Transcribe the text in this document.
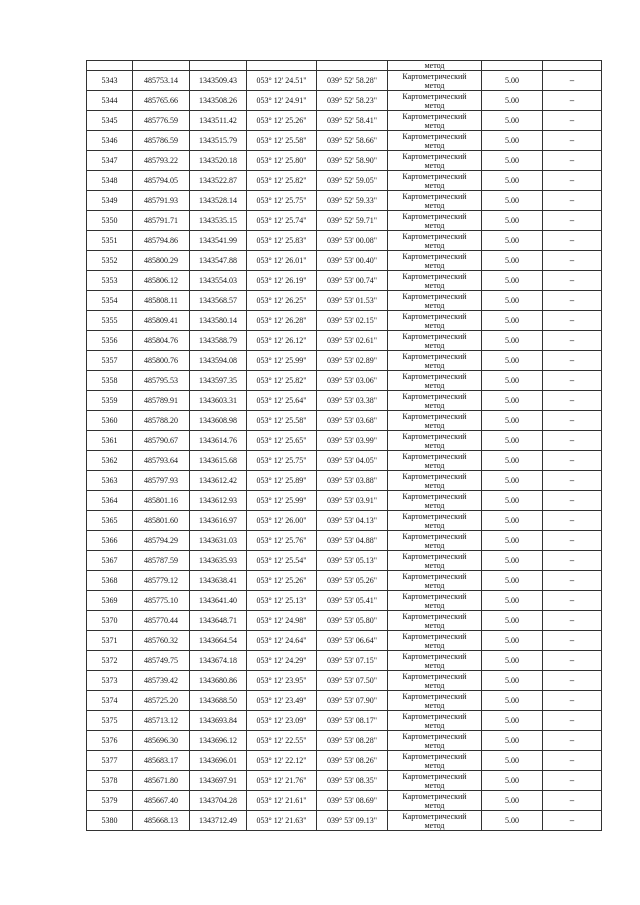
					метод		
5343	485753.14	1343509.43	053° 12' 24.51"	039° 52' 58.28"	Картометрический
метод	5.00	–
5344	485765.66	1343508.26	053° 12' 24.91"	039° 52' 58.23"	Картометрический
метод	5.00	–
5345	485776.59	1343511.42	053° 12' 25.26"	039° 52' 58.41"	Картометрический
метод	5.00	–
5346	485786.59	1343515.79	053° 12' 25.58"	039° 52' 58.66"	Картометрический
метод	5.00	–
5347	485793.22	1343520.18	053° 12' 25.80"	039° 52' 58.90"	Картометрический
метод	5.00	–
5348	485794.05	1343522.87	053° 12' 25.82"	039° 52' 59.05"	Картометрический
метод	5.00	–
5349	485791.93	1343528.14	053° 12' 25.75"	039° 52' 59.33"	Картометрический
метод	5.00	–
5350	485791.71	1343535.15	053° 12' 25.74"	039° 52' 59.71"	Картометрический
метод	5.00	–
5351	485794.86	1343541.99	053° 12' 25.83"	039° 53' 00.08"	Картометрический
метод	5.00	–
5352	485800.29	1343547.88	053° 12' 26.01"	039° 53' 00.40"	Картометрический
метод	5.00	–
5353	485806.12	1343554.03	053° 12' 26.19"	039° 53' 00.74"	Картометрический
метод	5.00	–
5354	485808.11	1343568.57	053° 12' 26.25"	039° 53' 01.53"	Картометрический
метод	5.00	–
5355	485809.41	1343580.14	053° 12' 26.28"	039° 53' 02.15"	Картометрический
метод	5.00	–
5356	485804.76	1343588.79	053° 12' 26.12"	039° 53' 02.61"	Картометрический
метод	5.00	–
5357	485800.76	1343594.08	053° 12' 25.99"	039° 53' 02.89"	Картометрический
метод	5.00	–
5358	485795.53	1343597.35	053° 12' 25.82"	039° 53' 03.06"	Картометрический
метод	5.00	–
5359	485789.91	1343603.31	053° 12' 25.64"	039° 53' 03.38"	Картометрический
метод	5.00	–
5360	485788.20	1343608.98	053° 12' 25.58"	039° 53' 03.68"	Картометрический
метод	5.00	–
5361	485790.67	1343614.76	053° 12' 25.65"	039° 53' 03.99"	Картометрический
метод	5.00	–
5362	485793.64	1343615.68	053° 12' 25.75"	039° 53' 04.05"	Картометрический
метод	5.00	–
5363	485797.93	1343612.42	053° 12' 25.89"	039° 53' 03.88"	Картометрический
метод	5.00	–
5364	485801.16	1343612.93	053° 12' 25.99"	039° 53' 03.91"	Картометрический
метод	5.00	–
5365	485801.60	1343616.97	053° 12' 26.00"	039° 53' 04.13"	Картометрический
метод	5.00	–
5366	485794.29	1343631.03	053° 12' 25.76"	039° 53' 04.88"	Картометрический
метод	5.00	–
5367	485787.59	1343635.93	053° 12' 25.54"	039° 53' 05.13"	Картометрический
метод	5.00	–
5368	485779.12	1343638.41	053° 12' 25.26"	039° 53' 05.26"	Картометрический
метод	5.00	–
5369	485775.10	1343641.40	053° 12' 25.13"	039° 53' 05.41"	Картометрический
метод	5.00	–
5370	485770.44	1343648.71	053° 12' 24.98"	039° 53' 05.80"	Картометрический
метод	5.00	–
5371	485760.32	1343664.54	053° 12' 24.64"	039° 53' 06.64"	Картометрический
метод	5.00	–
5372	485749.75	1343674.18	053° 12' 24.29"	039° 53' 07.15"	Картометрический
метод	5.00	–
5373	485739.42	1343680.86	053° 12' 23.95"	039° 53' 07.50"	Картометрический
метод	5.00	–
5374	485725.20	1343688.50	053° 12' 23.49"	039° 53' 07.90"	Картометрический
метод	5.00	–
5375	485713.12	1343693.84	053° 12' 23.09"	039° 53' 08.17"	Картометрический
метод	5.00	–
5376	485696.30	1343696.12	053° 12' 22.55"	039° 53' 08.28"	Картометрический
метод	5.00	–
5377	485683.17	1343696.01	053° 12' 22.12"	039° 53' 08.26"	Картометрический
метод	5.00	–
5378	485671.80	1343697.91	053° 12' 21.76"	039° 53' 08.35"	Картометрический
метод	5.00	–
5379	485667.40	1343704.28	053° 12' 21.61"	039° 53' 08.69"	Картометрический
метод	5.00	–
5380	485668.13	1343712.49	053° 12' 21.63"	039° 53' 09.13"	Картометрический
метод	5.00	–
